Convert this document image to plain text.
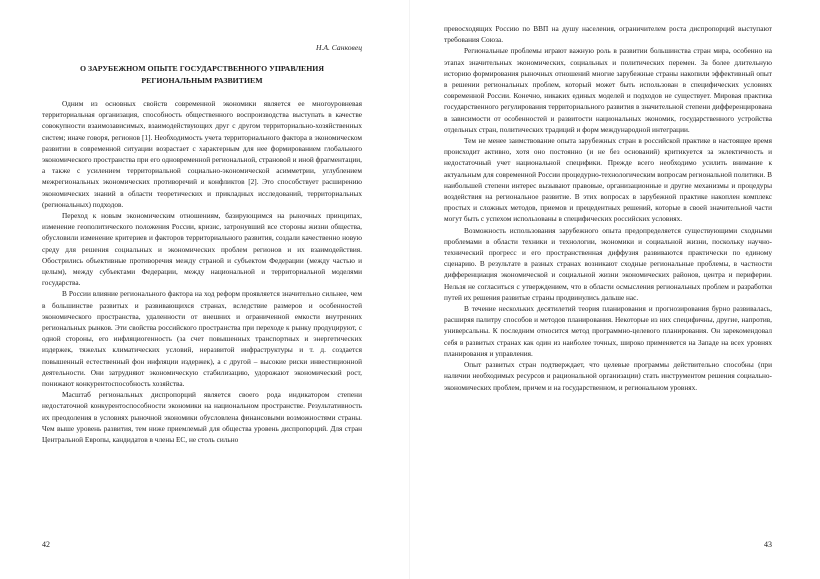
Н.А. Санковец
О ЗАРУБЕЖНОМ ОПЫТЕ ГОСУДАРСТВЕННОГО УПРАВЛЕНИЯ
РЕГИОНАЛЬНЫМ РАЗВИТИЕМ

Одним из основных свойств современной экономики является ее многоуровневая территориальная организация, способность общественного воспроизводства выступать в качестве совокупности взаимозависимых, взаимодействующих друг с другом территориально-хозяйственных систем; иначе говоря, регионов [1]. Необходимость учета территориального фактора в экономическом развитии в современной ситуации возрастает с характерным для нее формированием глобального экономического пространства при его одновременной региональной, страновой и иной фрагментации, а также с усилением территориальной социально-экономической асимметрии, углублением межрегиональных экономических противоречий и конфликтов [2]. Это способствует расширению экономических знаний в области теоретических и прикладных исследований, территориальных (региональных) подходов.

Переход к новым экономическим отношениям, базирующимся на рыночных принципах, изменение геополитического положения России, кризис, затронувший все стороны жизни общества, обусловили изменение критериев и факторов территориального развития, создали качественно новую среду для решения социальных и экономических проблем регионов и их взаимодействия. Обострились объективные противоречия между страной и субъектом Федерации (между частью и целым), между субъектами Федерации, между национальной и территориальной моделями государства.

В России влияние регионального фактора на ход реформ проявляется значительно сильнее, чем в большинстве развитых и развивающихся странах, вследствие размеров и особенностей экономического пространства, удаленности от внешних и ограниченной емкости внутренних региональных рынков. Эти свойства российского пространства при переходе к рынку продуцируют, с одной стороны, его инфляциогенность (за счет повышенных транспортных и энергетических издержек, тяжелых климатических условий, неразвитой инфраструктуры и т. д. создается повышенный естественный фон инфляции издержек), а с другой – высокие риски инвестиционной деятельности. Они затрудняют экономическую стабилизацию, удорожают экономический рост, понижают конкурентоспособность хозяйства.

Масштаб региональных диспропорций является своего рода индикатором степени недостаточной конкурентоспособности экономики на национальном пространстве. Результативность их преодоления в условиях рыночной экономики обусловлена финансовыми возможностями страны. Чем выше уровень развития, тем ниже приемлемый для общества уровень диспропорций. Для стран Центральной Европы, кандидатов в члены ЕС, не столь сильно

42

превосходящих Россию по ВВП на душу населения, ограничителем роста диспропорций выступают требования Союза.

Региональные проблемы играют важную роль в развитии большинства стран мира, особенно на этапах значительных экономических, социальных и политических перемен. За более длительную историю формирования рыночных отношений многие зарубежные страны накопили эффективный опыт в решении региональных проблем, который может быть использован в специфических условиях современной России. Конечно, никаких единых моделей и подходов не существует. Мировая практика государственного регулирования территориального развития в значительной степени дифференцирована в зависимости от особенностей и развитости национальных экономик, государственного устройства отдельных стран, политических традиций и форм международной интеграции.

Тем не менее заимствование опыта зарубежных стран в российской практике в настоящее время происходит активно, хотя оно постоянно (и не без оснований) критикуется за эклектичность и недостаточный учет национальной специфики. Прежде всего необходимо усилить внимание к актуальным для современной России процедурно-технологическим вопросам региональной политики. В наибольшей степени интерес вызывают правовые, организационные и другие механизмы и процедуры воздействия на региональное развитие. В этих вопросах в зарубежной практике накоплен комплекс простых и сложных методов, приемов и прецедентных решений, которые в своей значительной части могут быть с успехом использованы в специфических российских условиях.

Возможность использования зарубежного опыта предопределяется существующими сходными проблемами в области техники и технологии, экономики и социальной жизни, поскольку научно-технический прогресс и его пространственная диффузия развиваются практически по единому сценарию. В результате в разных странах возникают сходные региональные проблемы, в частности дифференциация экономической и социальной жизни экономических районов, центра и периферии. Нельзя не согласиться с утверждением, что в области осмысления региональных проблем и разработки путей их решения развитые страны продвинулись дальше нас.

В течение нескольких десятилетий теория планирования и прогнозирования бурно развивалась, расширяя палитру способов и методов планирования. Некоторые из них специфичны, другие, напротив, универсальны. К последним относится метод программно-целевого планирования. Он зарекомендовал себя в развитых странах как один из наиболее точных, широко применяется на Западе на всех уровнях планирования и управления.

Опыт развитых стран подтверждает, что целевые программы действительно способны (при наличии необходимых ресурсов и рациональной организации) стать инструментом решения социально-экономических проблем, причем и на государственном, и региональном уровнях.

43
